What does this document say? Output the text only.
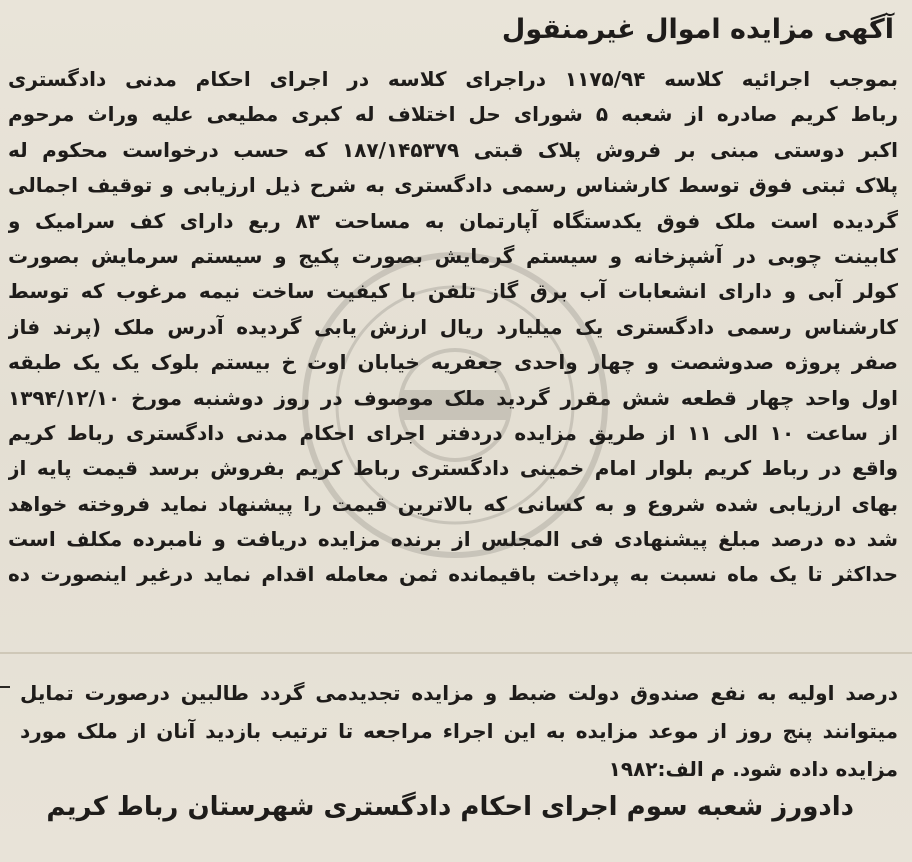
آگهی مزایده اموال غیرمنقول
بموجب اجرائیه کلاسه ۱۱۷۵/۹۴ دراجرای کلاسه در اجرای احکام مدنی دادگستری
رباط کریم صادره از شعبه ۵ شورای حل اختلاف له کبری مطیعی علیه وراث مرحوم
اکبر دوستی مبنی بر فروش پلاک قبتی ۱۸۷/۱۴۵۳۷۹ که حسب درخواست محکوم له
پلاک ثبتی فوق توسط کارشناس رسمی دادگستری به شرح ذیل ارزیابی و توقیف اجمالی
گردیده است ملک فوق یکدستگاه آپارتمان به مساحت ۸۳ ربع دارای کف سرامیک و
کابینت چوبی در آشپزخانه و سیستم گرمایش بصورت پکیج و سیستم سرمایش بصورت
کولر آبی و دارای انشعابات آب برق گاز تلفن با کیفیت ساخت نیمه مرغوب که توسط
کارشناس رسمی دادگستری یک میلیارد ریال ارزش یابی گردیده آدرس ملک (پرند فاز
صفر پروژه صدوشصت و چهار واحدی جعفریه خیابان اوت خ بیستم بلوک یک یک طبقه
اول واحد چهار قطعه شش مقرر گردید ملک موصوف در روز دوشنبه مورخ ۱۳۹۴/۱۲/۱۰
از ساعت ۱۰ الی ۱۱ از طریق مزایده دردفتر اجرای احکام مدنی دادگستری رباط کریم
واقع در رباط کریم بلوار امام خمینی دادگستری رباط کریم بفروش برسد قیمت پایه از
بهای ارزیابی شده شروع و به کسانی که بالاترین قیمت را پیشنهاد نماید فروخته خواهد
شد ده درصد مبلغ پیشنهادی فی المجلس از برنده مزایده دریافت و نامبرده مکلف است
حداکثر تا یک ماه نسبت به پرداخت باقیمانده ثمن معامله اقدام نماید درغیر اینصورت ده
درصد اولیه به نفع صندوق دولت ضبط و مزایده تجدیدمی گردد طالبین درصورت تمایل
میتوانند پنج روز از موعد مزایده به این اجراء مراجعه تا ترتیب بازدید آنان از ملک مورد
مزایده داده شود. م الف:۱۹۸۲
دادورز شعبه سوم اجرای احکام دادگستری شهرستان رباط کریم
